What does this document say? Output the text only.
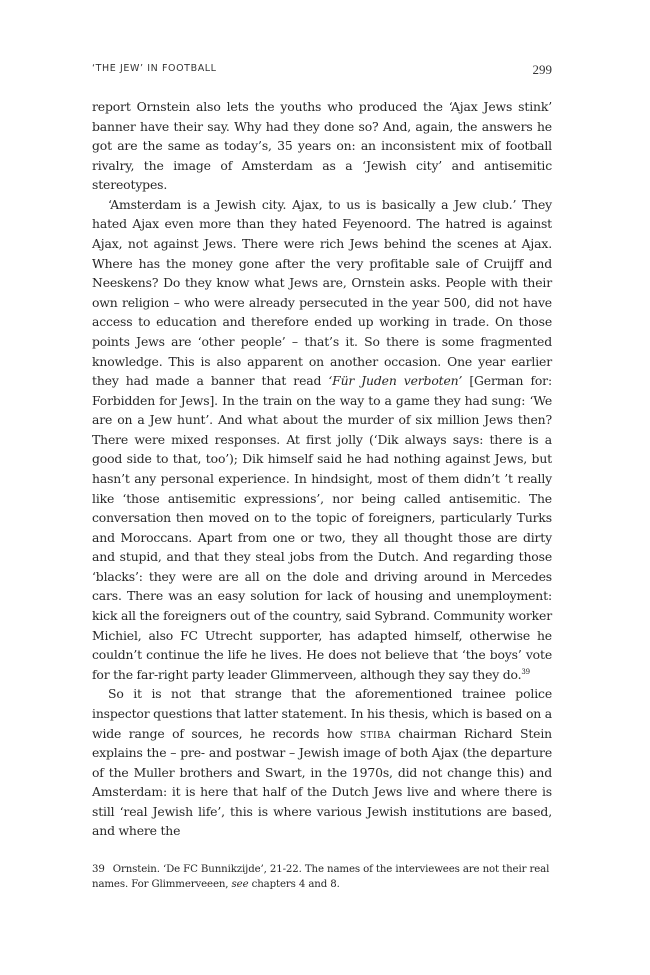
‘THE JEW’ IN FOOTBALL	299

report Ornstein also lets the youths who produced the ‘Ajax Jews stink’ banner have their say. Why had they done so? And, again, the answers he got are the same as today’s, 35 years on: an inconsistent mix of football rivalry, the image of Amsterdam as a ‘Jewish city’ and antisemitic stereotypes.

‘Amsterdam is a Jewish city. Ajax, to us is basically a Jew club.’ They hated Ajax even more than they hated Feyenoord. The hatred is against Ajax, not against Jews. There were rich Jews behind the scenes at Ajax. Where has the money gone after the very profitable sale of Cruijff and Neeskens? Do they know what Jews are, Ornstein asks. People with their own religion – who were already persecuted in the year 500, did not have access to education and therefore ended up working in trade. On those points Jews are ‘other people’ – that’s it. So there is some fragmented knowledge. This is also apparent on another occasion. One year earlier they had made a banner that read ‘Für Juden verboten’ [German for: Forbidden for Jews]. In the train on the way to a game they had sung: ‘We are on a Jew hunt’. And what about the murder of six million Jews then? There were mixed responses. At first jolly (‘Dik always says: there is a good side to that, too’); Dik himself said he had nothing against Jews, but hasn’t any personal experience. In hindsight, most of them didn’t ’t really like ‘those antisemitic expressions’, nor being called antisemitic. The conversation then moved on to the topic of foreigners, particularly Turks and Moroccans. Apart from one or two, they all thought those are dirty and stupid, and that they steal jobs from the Dutch. And regarding those ‘blacks’: they were are all on the dole and driving around in Mercedes cars. There was an easy solution for lack of housing and unemployment: kick all the foreigners out of the country, said Sybrand. Community worker Michiel, also FC Utrecht supporter, has adapted himself, otherwise he couldn’t continue the life he lives. He does not believe that ‘the boys’ vote for the far-right party leader Glimmerveen, although they say they do.$^{39}$

So it is not that strange that the aforementioned trainee police inspector questions that latter statement. In his thesis, which is based on a wide range of sources, he records how stiba chairman Richard Stein explains the – pre- and postwar – Jewish image of both Ajax (the departure of the Muller brothers and Swart, in the 1970s, did not change this) and Amsterdam: it is here that half of the Dutch Jews live and where there is still ‘real Jewish life’, this is where various Jewish institutions are based, and where the

39 Ornstein. ‘De FC Bunnikzijde’, 21-22. The names of the interviewees are not their real names. For Glimmerveeen, see chapters 4 and 8.
